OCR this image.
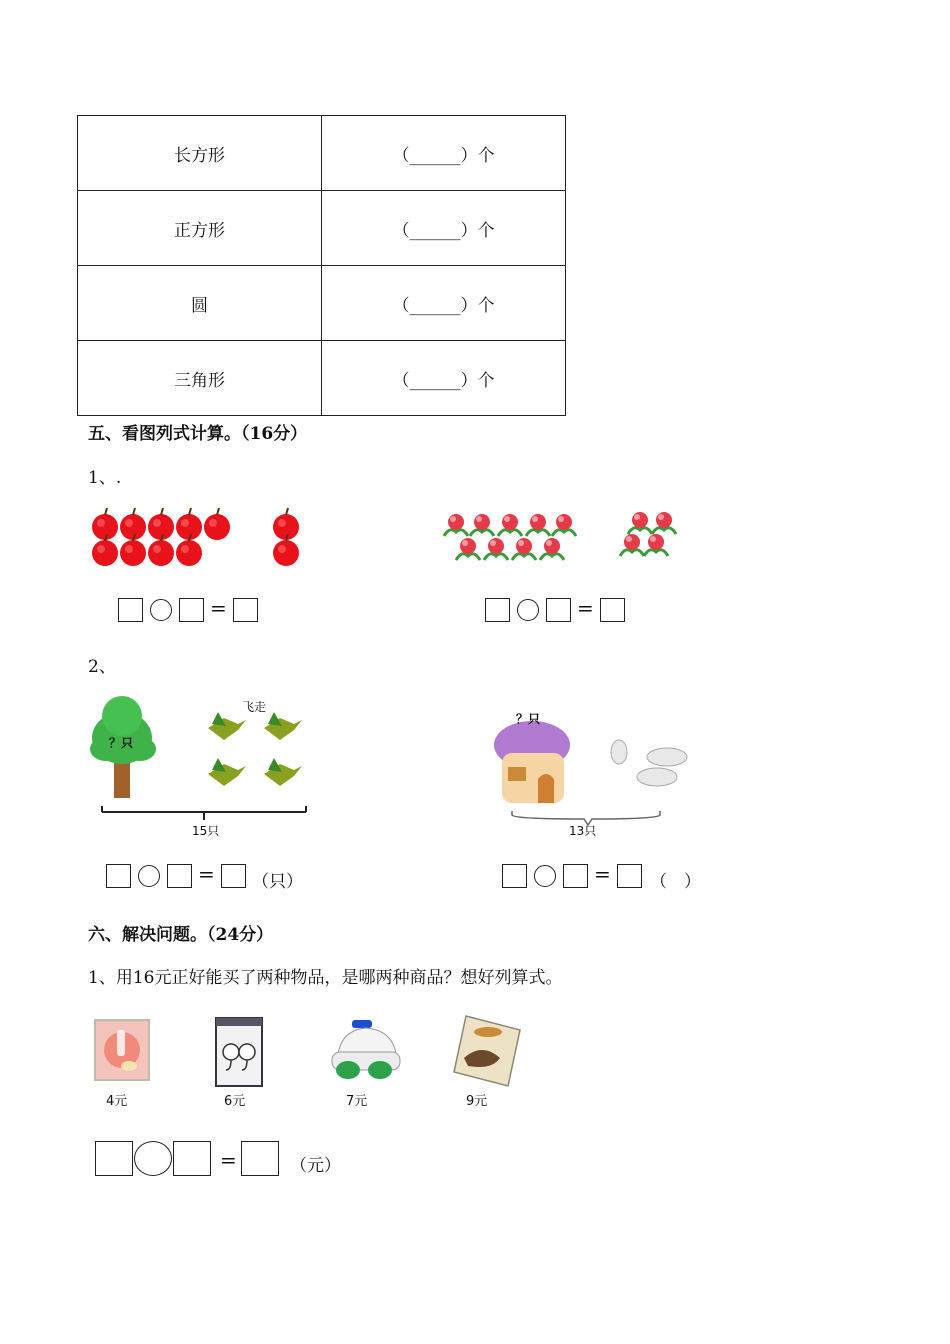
长方形	（______）个
正方形	（______）个
圆	（______）个
三角形	（______）个
五、看图列式计算。（16分）
1、.
=	=
2、
飞走
？只
15只
？只
13只
= （只）	= （　）
六、解决问题。（24分）
1、用16元正好能买了两种物品，是哪两种商品？想好列算式。
4元	6元	7元	9元
=	（元）
